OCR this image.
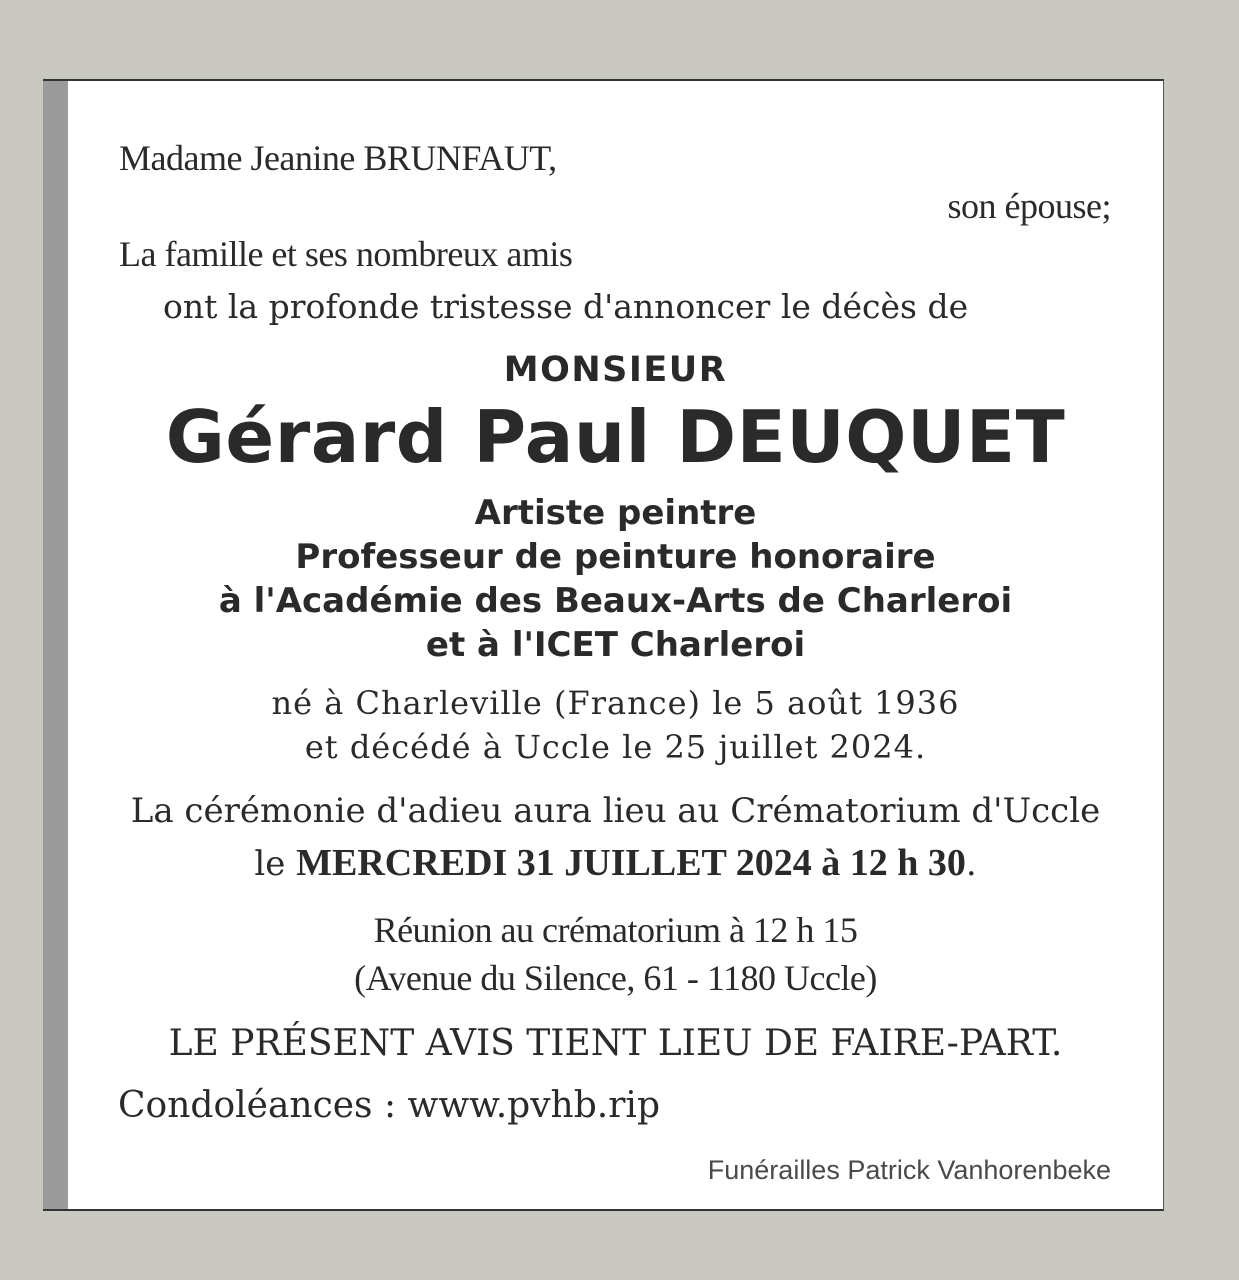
Madame Jeanine BRUNFAUT,
son épouse;
La famille et ses nombreux amis
ont la profonde tristesse d'annoncer le décès de
MONSIEUR
Gérard Paul DEUQUET
Artiste peintre
Professeur de peinture honoraire
à l'Académie des Beaux-Arts de Charleroi
et à l'ICET Charleroi
né à Charleville (France) le 5 août 1936
et décédé à Uccle le 25 juillet 2024.
La cérémonie d'adieu aura lieu au Crématorium d'Uccle
le MERCREDI 31 JUILLET 2024 à 12 h 30.
Réunion au crématorium à 12 h 15
(Avenue du Silence, 61 - 1180 Uccle)
LE PRÉSENT AVIS TIENT LIEU DE FAIRE-PART.
Condoléances : www.pvhb.rip
Funérailles Patrick Vanhorenbeke
